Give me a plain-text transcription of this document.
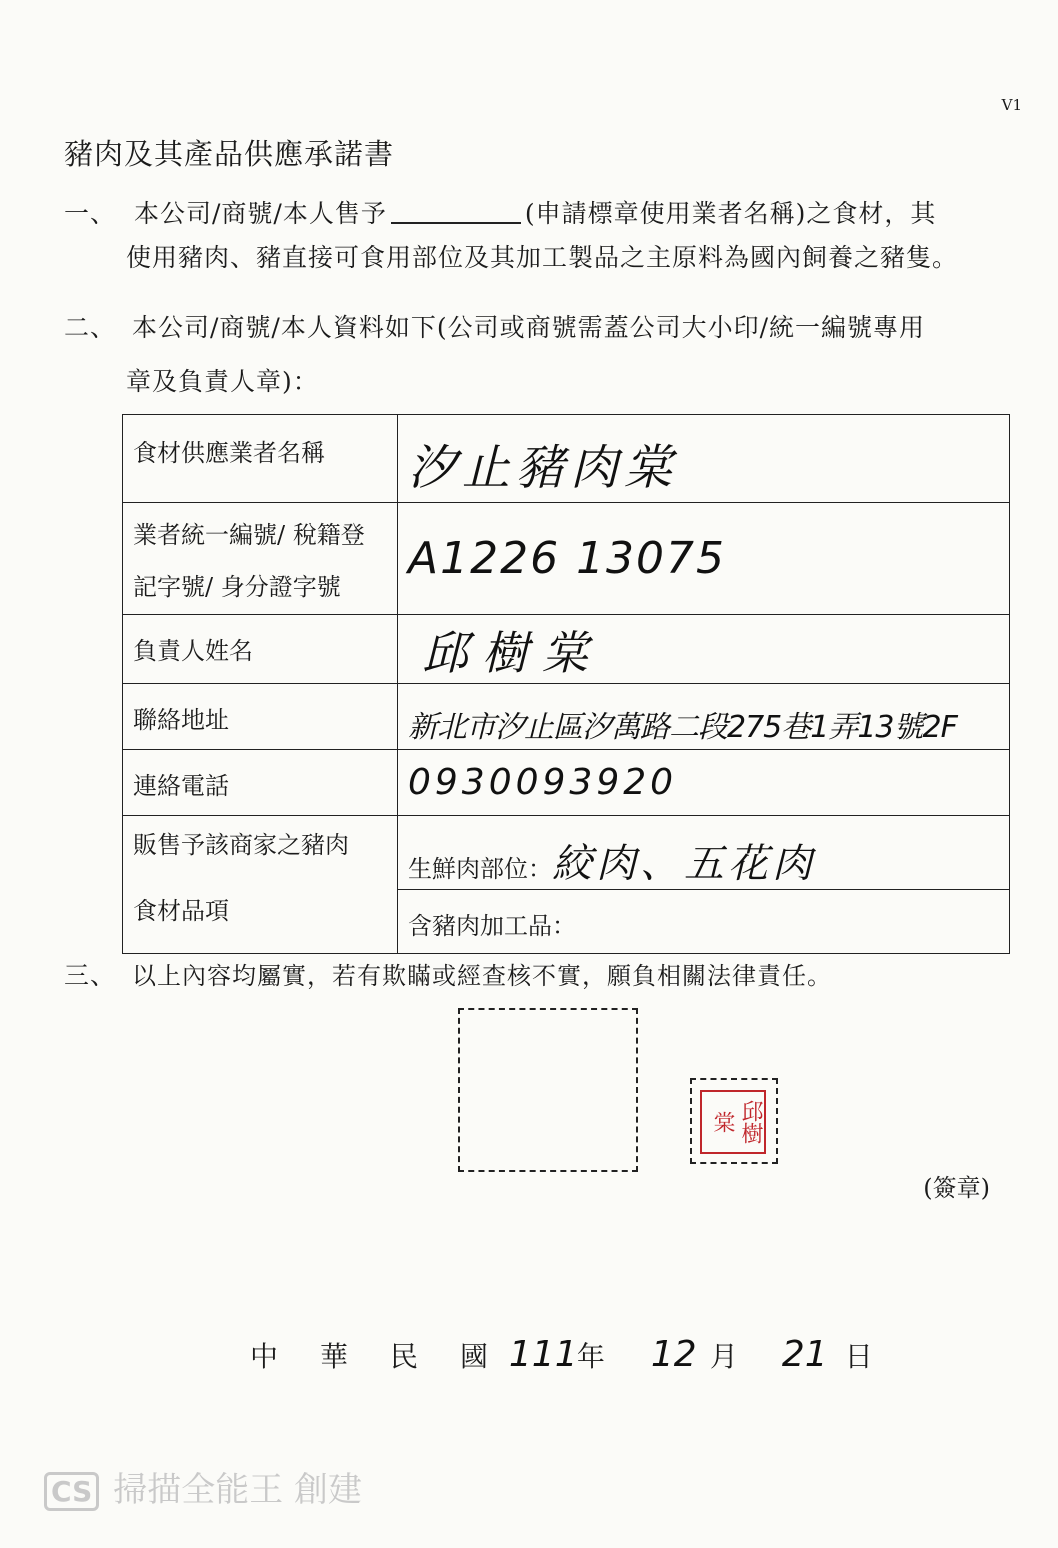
V1
豬肉及其產品供應承諾書
一、 本公司/商號/本人售予	(申請標章使用業者名稱)之食材，其
使用豬肉、豬直接可食用部位及其加工製品之主原料為國內飼養之豬隻。
二、 本公司/商號/本人資料如下(公司或商號需蓋公司大小印/統一編號專用
章及負責人章)：
食材供應業者名稱	汐止豬肉棠

業者統一編號/ 稅籍登
記字號/ 身分證字號	A1226 13075

負責人姓名	邱樹棠

聯絡地址	新北市汐止區汐萬路二段275巷1弄13號2F

連絡電話	0930093920

販售予該商家之豬肉
食材品項	生鮮肉部位：絞肉、五花肉
	含豬肉加工品：
三、 以上內容均屬實，若有欺瞞或經查核不實，願負相關法律責任。
邱樹棠
(簽章)
中 華 民 國 111年 12 月 21 日
CS 掃描全能王 創建
